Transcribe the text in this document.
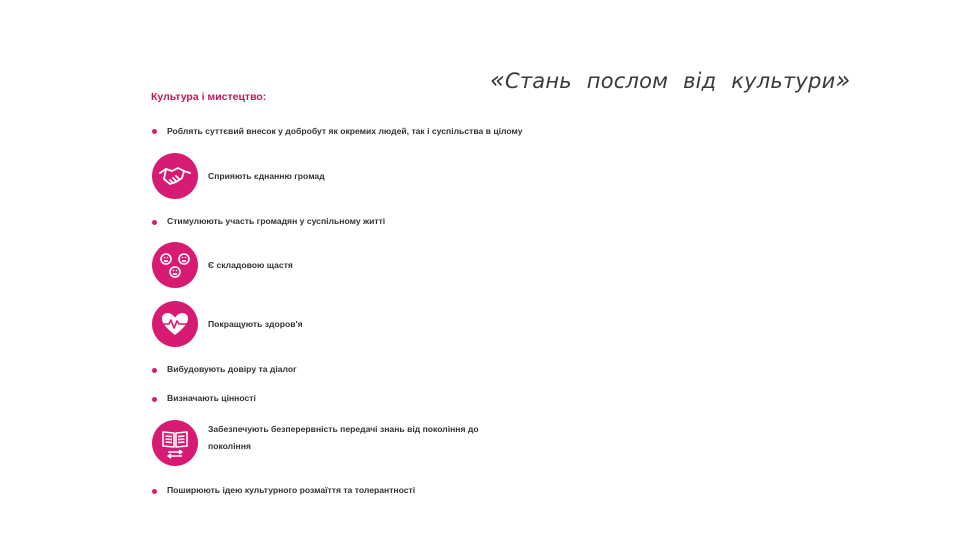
«Стань послом від культури»
Культура і мистецтво:
Роблять суттєвий внесок у добробут як окремих людей, так і суспільства в цілому
Сприяють єднанню громад
Стимулюють участь громадян у суспільному житті
Є складовою щастя
Покращують здоров'я
Вибудовують довіру та діалог
Визначають цінності
Забезпечують безперервність передачі знань від покоління до
покоління
Поширюють ідею культурного розмаїття та толерантності
